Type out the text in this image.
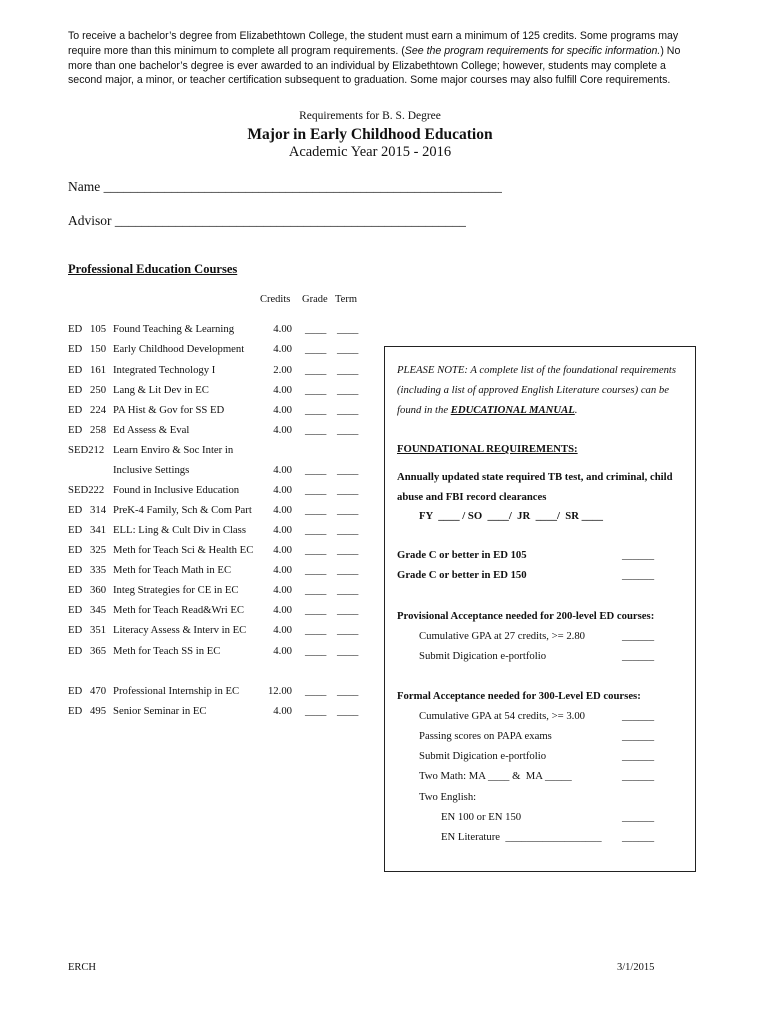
To receive a bachelor’s degree from Elizabethtown College, the student must earn a minimum of 125 credits. Some programs may require more than this minimum to complete all program requirements. (See the program requirements for specific information.) No more than one bachelor’s degree is ever awarded to an individual by Elizabethtown College; however, students may complete a second major, a minor, or teacher certification subsequent to graduation. Some major courses may also fulfill Core requirements.
Requirements for B. S. Degree
Major in Early Childhood Education
Academic Year 2015 - 2016
Name ___________________________________________________________
Advisor ____________________________________________________
Professional Education Courses
Credits Grade Term
ED 105 Found Teaching & Learning	4.00 ____ ____
ED 150 Early Childhood Development	4.00 ____ ____
ED 161 Integrated Technology I	2.00 ____ ____
ED 250 Lang & Lit Dev in EC	4.00 ____ ____
ED 224 PA Hist & Gov for SS ED	4.00 ____ ____
ED 258 Ed Assess & Eval	4.00 ____ ____
SED212 Learn Enviro & Soc Inter in
Inclusive Settings	4.00 ____ ____
SED222 Found in Inclusive Education	4.00 ____ ____
ED 314 PreK-4 Family, Sch & Com Part	4.00 ____ ____
ED 341 ELL: Ling & Cult Div in Class	4.00 ____ ____
ED 325 Meth for Teach Sci & Health EC	4.00 ____ ____
ED 335 Meth for Teach Math in EC	4.00 ____ ____
ED 360 Integ Strategies for CE in EC	4.00 ____ ____
ED 345 Meth for Teach Read&Wri EC	4.00 ____ ____
ED 351 Literacy Assess & Interv in EC	4.00 ____ ____
ED 365 Meth for Teach SS in EC	4.00 ____ ____
ED 470 Professional Internship in EC	12.00 ____ ____
ED 495 Senior Seminar in EC	4.00 ____ ____
PLEASE NOTE: A complete list of the foundational requirements
(including a list of approved English Literature courses) can be
found in the EDUCATIONAL MANUAL.
FOUNDATIONAL REQUIREMENTS:
Annually updated state required TB test, and criminal, child
abuse and FBI record clearances
FY  ____ / SO  ____/  JR  ____/  SR ____
Grade C or better in ED 105	______
Grade C or better in ED 150	______
Provisional Acceptance needed for 200-level ED courses:
Cumulative GPA at 27 credits, >= 2.80	______
Submit Digication e-portfolio	______
Formal Acceptance needed for 300-Level ED courses:
Cumulative GPA at 54 credits, >= 3.00	______
Passing scores on PAPA exams	______
Submit Digication e-portfolio	______
Two Math: MA ____ &  MA _____	______
Two English:
EN 100 or EN 150	______
EN Literature  __________________ ______
ERCH	3/1/2015
